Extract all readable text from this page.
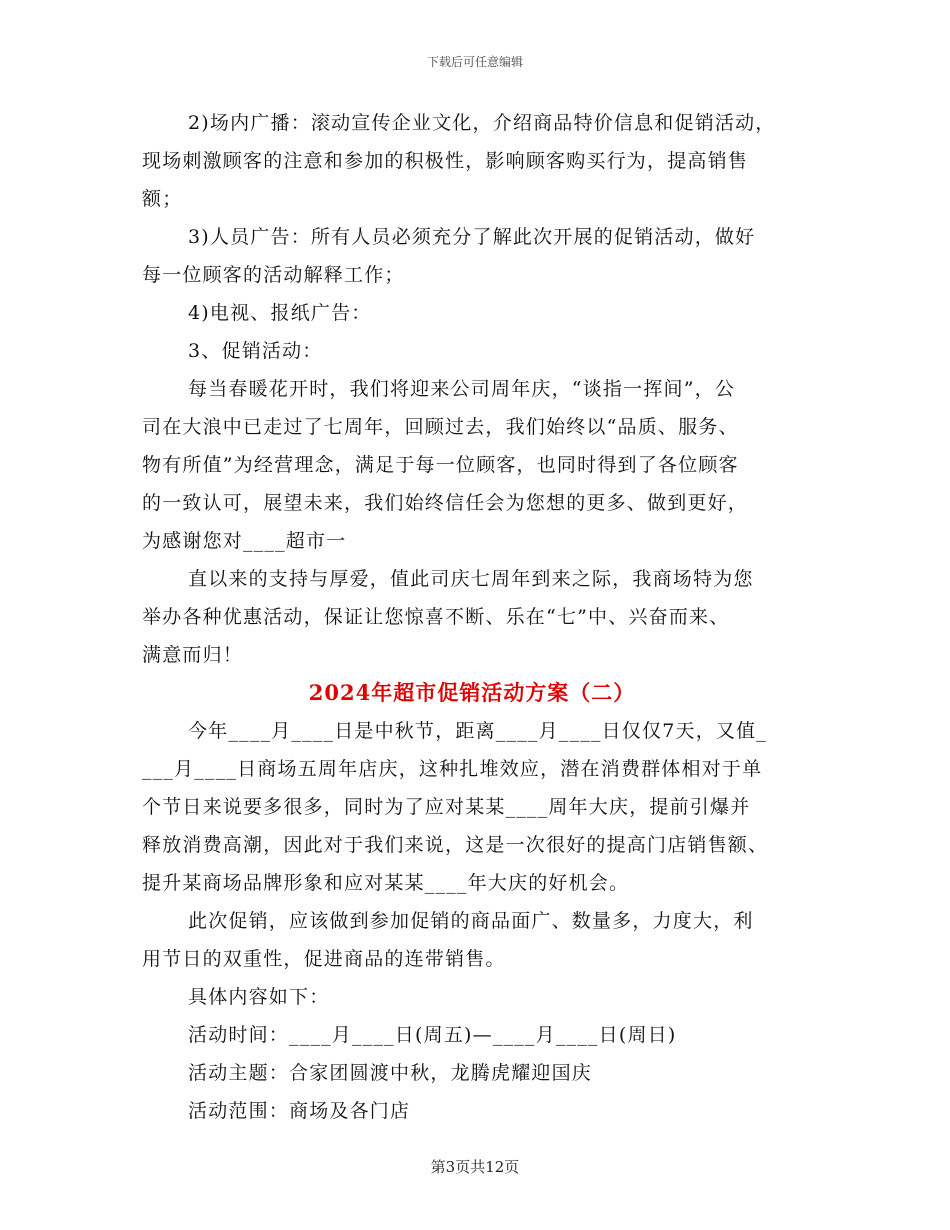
下载后可任意编辑
2)场内广播：滚动宣传企业文化，介绍商品特价信息和促销活动，
现场刺激顾客的注意和参加的积极性，影响顾客购买行为，提高销售
额；
3)人员广告：所有人员必须充分了解此次开展的促销活动，做好
每一位顾客的活动解释工作；
4)电视、报纸广告：
3、促销活动：
每当春暖花开时，我们将迎来公司周年庆，“谈指一挥间”，公
司在大浪中已走过了七周年，回顾过去，我们始终以“品质、服务、
物有所值”为经营理念，满足于每一位顾客，也同时得到了各位顾客
的一致认可，展望未来，我们始终信任会为您想的更多、做到更好，
为感谢您对____超市一
直以来的支持与厚爱，值此司庆七周年到来之际，我商场特为您
举办各种优惠活动，保证让您惊喜不断、乐在“七”中、兴奋而来、
满意而归！
2024年超市促销活动方案（二）
今年____月____日是中秋节，距离____月____日仅仅7天，又值_
___月____日商场五周年店庆，这种扎堆效应，潜在消费群体相对于单
个节日来说要多很多，同时为了应对某某____周年大庆，提前引爆并
释放消费高潮，因此对于我们来说，这是一次很好的提高门店销售额、
提升某商场品牌形象和应对某某____年大庆的好机会。
此次促销，应该做到参加促销的商品面广、数量多，力度大，利
用节日的双重性，促进商品的连带销售。
具体内容如下：
活动时间：____月____日(周五)—____月____日(周日)
活动主题：合家团圆渡中秋，龙腾虎耀迎国庆
活动范围：商场及各门店
第3页共12页
